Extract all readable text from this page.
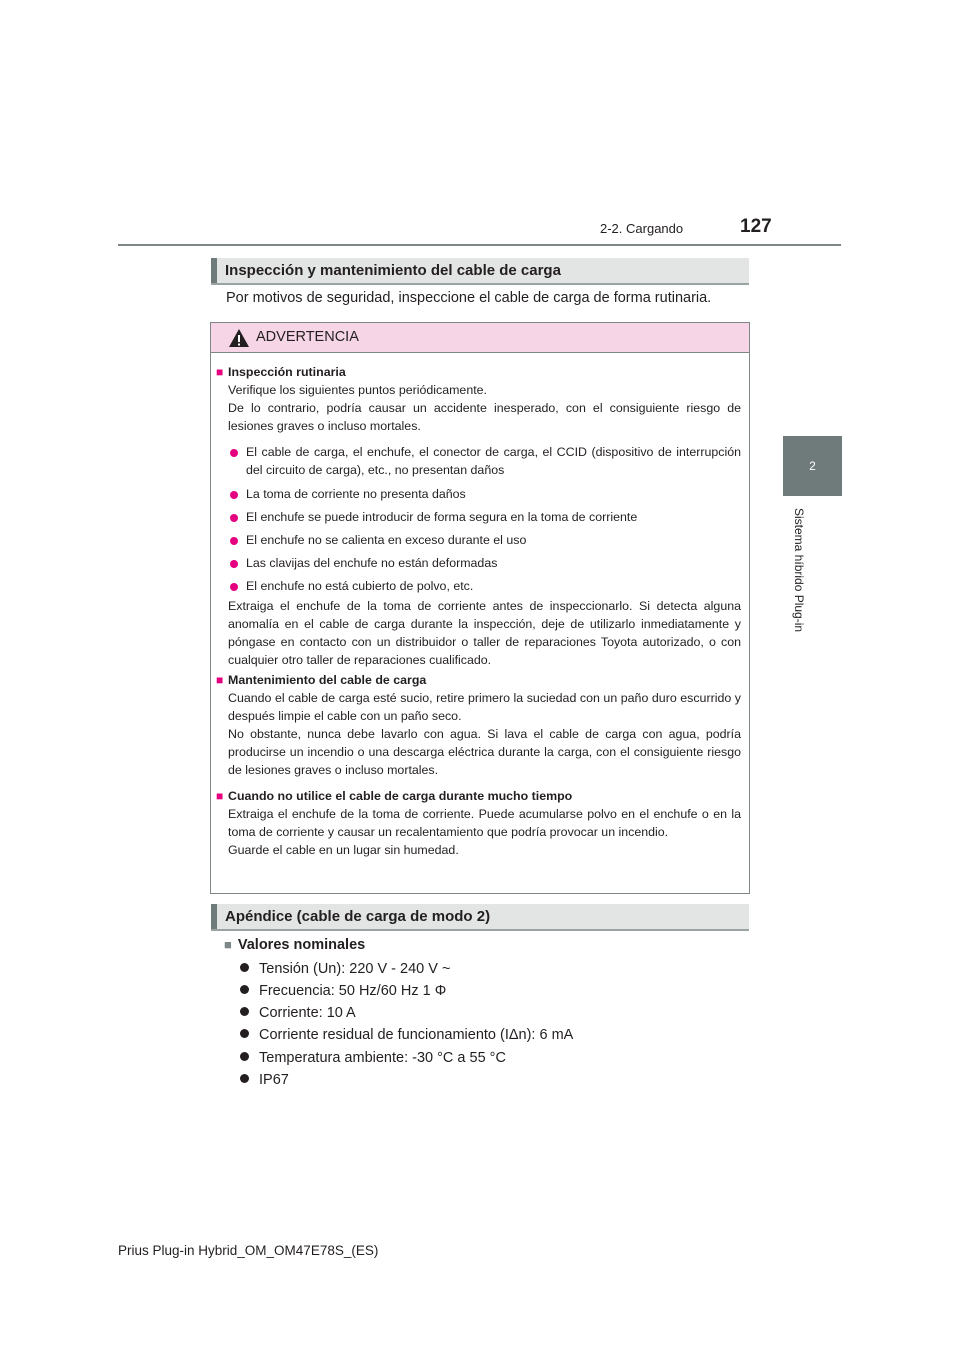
2-2. Cargando	127
2
Sistema híbrido Plug-in
Inspección y mantenimiento del cable de carga
Por motivos de seguridad, inspeccione el cable de carga de forma rutinaria.
ADVERTENCIA
■ Inspección rutinaria
Verifique los siguientes puntos periódicamente.
De lo contrario, podría causar un accidente inesperado, con el consiguiente riesgo de lesiones graves o incluso mortales.
El cable de carga, el enchufe, el conector de carga, el CCID (dispositivo de interrupción del circuito de carga), etc., no presentan daños
La toma de corriente no presenta daños
El enchufe se puede introducir de forma segura en la toma de corriente
El enchufe no se calienta en exceso durante el uso
Las clavijas del enchufe no están deformadas
El enchufe no está cubierto de polvo, etc.
Extraiga el enchufe de la toma de corriente antes de inspeccionarlo. Si detecta alguna anomalía en el cable de carga durante la inspección, deje de utilizarlo inmediatamente y póngase en contacto con un distribuidor o taller de reparaciones Toyota autorizado, o con cualquier otro taller de reparaciones cualificado.
■ Mantenimiento del cable de carga
Cuando el cable de carga esté sucio, retire primero la suciedad con un paño duro escurrido y después limpie el cable con un paño seco.
No obstante, nunca debe lavarlo con agua. Si lava el cable de carga con agua, podría producirse un incendio o una descarga eléctrica durante la carga, con el consiguiente riesgo de lesiones graves o incluso mortales.
■ Cuando no utilice el cable de carga durante mucho tiempo
Extraiga el enchufe de la toma de corriente. Puede acumularse polvo en el enchufe o en la toma de corriente y causar un recalentamiento que podría provocar un incendio.
Guarde el cable en un lugar sin humedad.
Apéndice (cable de carga de modo 2)
■ Valores nominales
Tensión (Un): 220 V - 240 V ~
Frecuencia: 50 Hz/60 Hz 1 Φ
Corriente: 10 A
Corriente residual de funcionamiento (IΔn): 6 mA
Temperatura ambiente: -30 °C a 55 °C
IP67
Prius Plug-in Hybrid_OM_OM47E78S_(ES)
